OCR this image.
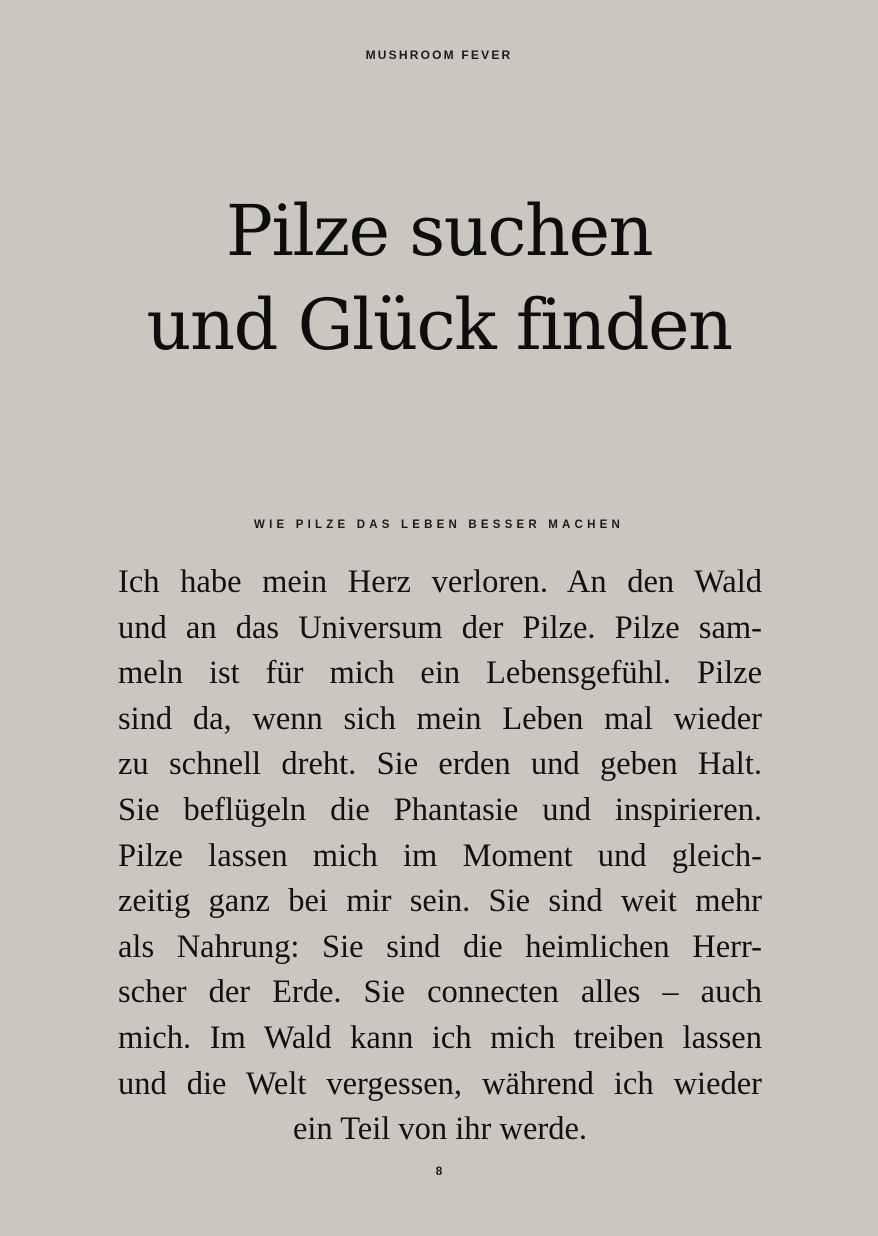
MUSHROOM FEVER
Pilze suchen
und Glück finden
WIE PILZE DAS LEBEN BESSER MACHEN
Ich habe mein Herz verloren. An den Wald
und an das Universum der Pilze. Pilze sam-
meln ist für mich ein Lebensgefühl. Pilze
sind da, wenn sich mein Leben mal wieder
zu schnell dreht. Sie erden und geben Halt.
Sie beflügeln die Phantasie und inspirieren.
Pilze lassen mich im Moment und gleich-
zeitig ganz bei mir sein. Sie sind weit mehr
als Nahrung: Sie sind die heimlichen Herr-
scher der Erde. Sie connecten alles – auch
mich. Im Wald kann ich mich treiben lassen
und die Welt vergessen, während ich wieder
ein Teil von ihr werde.
8
